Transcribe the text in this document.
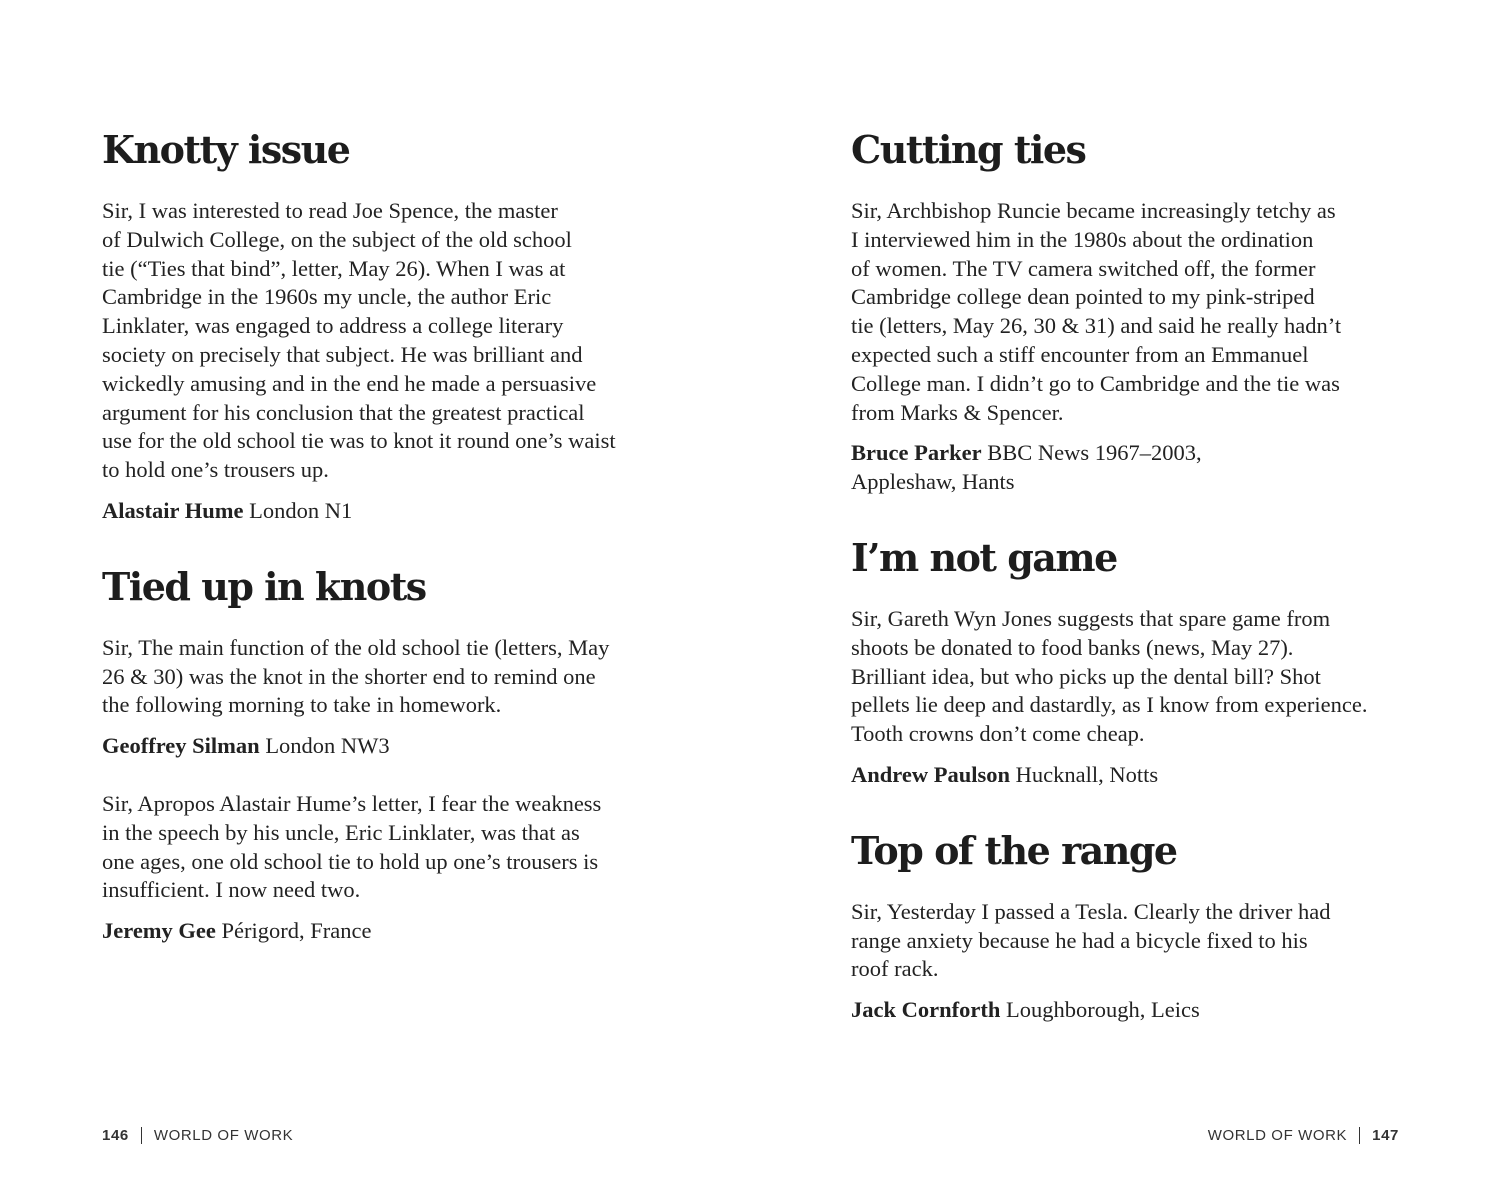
Knotty issue
Sir, I was interested to read Joe Spence, the master
of Dulwich College, on the subject of the old school
tie (“Ties that bind”, letter, May 26). When I was at
Cambridge in the 1960s my uncle, the author Eric
Linklater, was engaged to address a college literary
society on precisely that subject. He was brilliant and
wickedly amusing and in the end he made a persuasive
argument for his conclusion that the greatest practical
use for the old school tie was to knot it round one’s waist
to hold one’s trousers up.
Alastair Hume London N1
Tied up in knots
Sir, The main function of the old school tie (letters, May
26 & 30) was the knot in the shorter end to remind one
the following morning to take in homework.
Geoffrey Silman London NW3
Sir, Apropos Alastair Hume’s letter, I fear the weakness
in the speech by his uncle, Eric Linklater, was that as
one ages, one old school tie to hold up one’s trousers is
insufficient. I now need two.
Jeremy Gee Périgord, France
146 WORLD OF WORK
Cutting ties
Sir, Archbishop Runcie became increasingly tetchy as
I interviewed him in the 1980s about the ordination
of women. The TV camera switched off, the former
Cambridge college dean pointed to my pink-striped
tie (letters, May 26, 30 & 31) and said he really hadn’t
expected such a stiff encounter from an Emmanuel
College man. I didn’t go to Cambridge and the tie was
from Marks & Spencer.
Bruce Parker BBC News 1967–2003,
Appleshaw, Hants
I’m not game
Sir, Gareth Wyn Jones suggests that spare game from
shoots be donated to food banks (news, May 27).
Brilliant idea, but who picks up the dental bill? Shot
pellets lie deep and dastardly, as I know from experience.
Tooth crowns don’t come cheap.
Andrew Paulson Hucknall, Notts
Top of the range
Sir, Yesterday I passed a Tesla. Clearly the driver had
range anxiety because he had a bicycle fixed to his
roof rack.
Jack Cornforth Loughborough, Leics
WORLD OF WORK 147
